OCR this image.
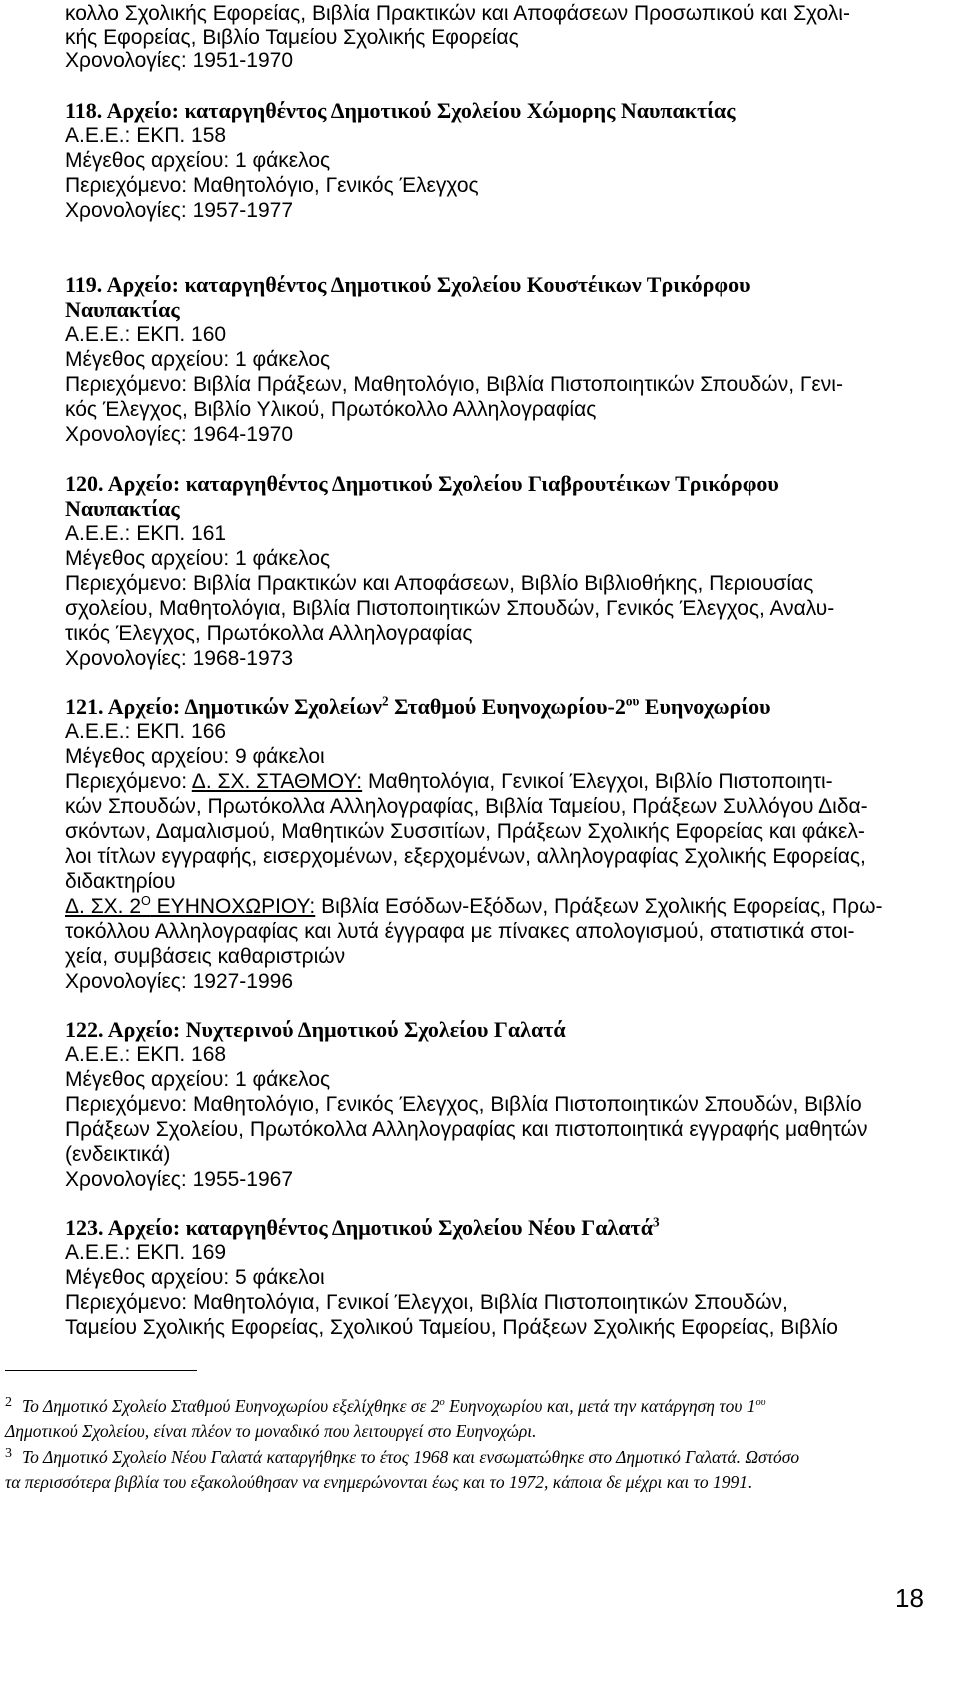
κολλο Σχολικής Εφορείας, Βιβλία Πρακτικών και Αποφάσεων Προσωπικού και Σχολι-
κής Εφορείας, Βιβλίο Ταμείου Σχολικής Εφορείας
Χρονολογίες: 1951-1970
118. Αρχείο: καταργηθέντος Δημοτικού Σχολείου Χώμορης Ναυπακτίας
Α.Ε.Ε.: ΕΚΠ. 158
Μέγεθος αρχείου: 1 φάκελος
Περιεχόμενο: Μαθητολόγιο, Γενικός Έλεγχος
Χρονολογίες: 1957-1977
119. Αρχείο: καταργηθέντος Δημοτικού Σχολείου Κουστέικων Τρικόρφου
Ναυπακτίας
Α.Ε.Ε.: ΕΚΠ. 160
Μέγεθος αρχείου: 1 φάκελος
Περιεχόμενο: Βιβλία Πράξεων, Μαθητολόγιο, Βιβλία Πιστοποιητικών Σπουδών, Γενι-
κός Έλεγχος, Βιβλίο Υλικού, Πρωτόκολλο Αλληλογραφίας
Χρονολογίες: 1964-1970
120. Αρχείο: καταργηθέντος Δημοτικού Σχολείου Γιαβρουτέικων Τρικόρφου
Ναυπακτίας
Α.Ε.Ε.: ΕΚΠ. 161
Μέγεθος αρχείου: 1 φάκελος
Περιεχόμενο: Βιβλία Πρακτικών και Αποφάσεων, Βιβλίο Βιβλιοθήκης, Περιουσίας
σχολείου, Μαθητολόγια, Βιβλία Πιστοποιητικών Σπουδών, Γενικός Έλεγχος, Αναλυ-
τικός Έλεγχος, Πρωτόκολλα Αλληλογραφίας
Χρονολογίες: 1968-1973
121. Αρχείο: Δημοτικών Σχολείων$^2$ Σταθμού Ευηνοχωρίου-$2^{o\upsilon}$ Ευηνοχωρίου
Α.Ε.Ε.: ΕΚΠ. 166
Μέγεθος αρχείου: 9 φάκελοι
Περιεχόμενο: Δ. ΣΧ. ΣΤΑΘΜΟΥ: Μαθητολόγια, Γενικοί Έλεγχοι, Βιβλίο Πιστοποιητι-
κών Σπουδών, Πρωτόκολλα Αλληλογραφίας, Βιβλία Ταμείου, Πράξεων Συλλόγου Διδα-
σκόντων, Δαμαλισμού, Μαθητικών Συσσιτίων, Πράξεων Σχολικής Εφορείας και φάκελ-
λοι τίτλων εγγραφής, εισερχομένων, εξερχομένων, αλληλογραφίας Σχολικής Εφορείας,
διδακτηρίου
Δ. ΣΧ. $2^O$ ΕΥΗΝΟΧΩΡΙΟΥ: Βιβλία Εσόδων-Εξόδων, Πράξεων Σχολικής Εφορείας, Πρω-
τοκόλλου Αλληλογραφίας και λυτά έγγραφα με πίνακες απολογισμού, στατιστικά στοι-
χεία, συμβάσεις καθαριστριών
Χρονολογίες: 1927-1996
122. Αρχείο: Νυχτερινού Δημοτικού Σχολείου Γαλατά
Α.Ε.Ε.: ΕΚΠ. 168
Μέγεθος αρχείου: 1 φάκελος
Περιεχόμενο: Μαθητολόγιο, Γενικός Έλεγχος, Βιβλία Πιστοποιητικών Σπουδών, Βιβλίο
Πράξεων Σχολείου, Πρωτόκολλα Αλληλογραφίας και πιστοποιητικά εγγραφής μαθητών
(ενδεικτικά)
Χρονολογίες: 1955-1967
123. Αρχείο: καταργηθέντος Δημοτικού Σχολείου Νέου Γαλατά$^3$
Α.Ε.Ε.: ΕΚΠ. 169
Μέγεθος αρχείου: 5 φάκελοι
Περιεχόμενο: Μαθητολόγια, Γενικοί Έλεγχοι, Βιβλία Πιστοποιητικών Σπουδών,
Ταμείου Σχολικής Εφορείας, Σχολικού Ταμείου, Πράξεων Σχολικής Εφορείας, Βιβλίο
$^2$ Το Δημοτικό Σχολείο Σταθμού Ευηνοχωρίου εξελίχθηκε σε $2^o$ Ευηνοχωρίου και, μετά την κατάργηση του $1^{o\upsilon}$
Δημοτικού Σχολείου, είναι πλέον το μοναδικό που λειτουργεί στο Ευηνοχώρι.
$^3$ Το Δημοτικό Σχολείο Νέου Γαλατά καταργήθηκε το έτος 1968 και ενσωματώθηκε στο Δημοτικό Γαλατά. Ωστόσο
τα περισσότερα βιβλία του εξακολούθησαν να ενημερώνονται έως και το 1972, κάποια δε μέχρι και το 1991.
18
